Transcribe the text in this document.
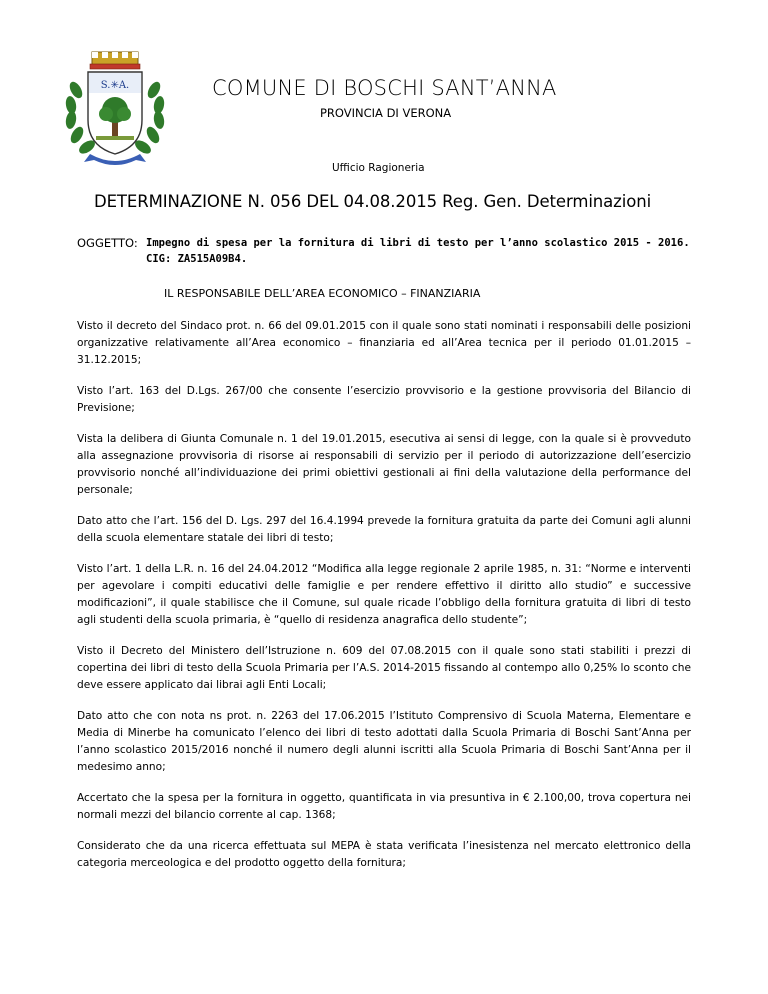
S.✳A.	COMUNE DI BOSCHI SANT’ANNA
PROVINCIA DI VERONA
Ufficio Ragioneria
DETERMINAZIONE N. 056 DEL 04.08.2015 Reg. Gen. Determinazioni
OGGETTO: Impegno di spesa per la fornitura di libri di testo per l’anno scolastico 2015 - 2016.
CIG: ZA515A09B4.
IL RESPONSABILE DELL’AREA ECONOMICO – FINANZIARIA

Visto il decreto del Sindaco prot. n. 66 del 09.01.2015 con il quale sono stati nominati i responsabili delle posizioni organizzative relativamente all’Area economico – finanziaria ed all’Area tecnica per il periodo 01.01.2015 – 31.12.2015;

Visto l’art. 163 del D.Lgs. 267/00 che consente l’esercizio provvisorio e la gestione provvisoria del Bilancio di Previsione;

Vista la delibera di Giunta Comunale n. 1 del 19.01.2015, esecutiva ai sensi di legge, con la quale si è provveduto alla assegnazione provvisoria di risorse ai responsabili di servizio per il periodo di autorizzazione dell’esercizio provvisorio nonché all’individuazione dei primi obiettivi gestionali ai fini della valutazione della performance del personale;

Dato atto che l’art. 156 del D. Lgs. 297 del 16.4.1994 prevede la fornitura gratuita da parte dei Comuni agli alunni della scuola elementare statale dei libri di testo;

Visto l’art. 1 della L.R. n. 16 del 24.04.2012 “Modifica alla legge regionale 2 aprile 1985, n. 31: “Norme e interventi per agevolare i compiti educativi delle famiglie e per rendere effettivo il diritto allo studio” e successive modificazioni”, il quale stabilisce che il Comune, sul quale ricade l’obbligo della fornitura gratuita di libri di testo agli studenti della scuola primaria, è “quello di residenza anagrafica dello studente”;

Visto il Decreto del Ministero dell’Istruzione n. 609 del 07.08.2015 con il quale sono stati stabiliti i prezzi di copertina dei libri di testo della Scuola Primaria per l’A.S. 2014-2015 fissando al contempo allo 0,25% lo sconto che deve essere applicato dai librai agli Enti Locali;

Dato atto che con nota ns prot. n. 2263 del 17.06.2015 l’Istituto Comprensivo di Scuola Materna, Elementare e Media di Minerbe ha comunicato l’elenco dei libri di testo adottati dalla Scuola Primaria di Boschi Sant’Anna per l’anno scolastico 2015/2016 nonché il numero degli alunni iscritti alla Scuola Primaria di Boschi Sant’Anna per il medesimo anno;

Accertato che la spesa per la fornitura in oggetto, quantificata in via presuntiva in € 2.100,00, trova copertura nei normali mezzi del bilancio corrente al cap. 1368;

Considerato che da una ricerca effettuata sul MEPA è stata verificata l’inesistenza nel mercato elettronico della categoria merceologica e del prodotto oggetto della fornitura;
